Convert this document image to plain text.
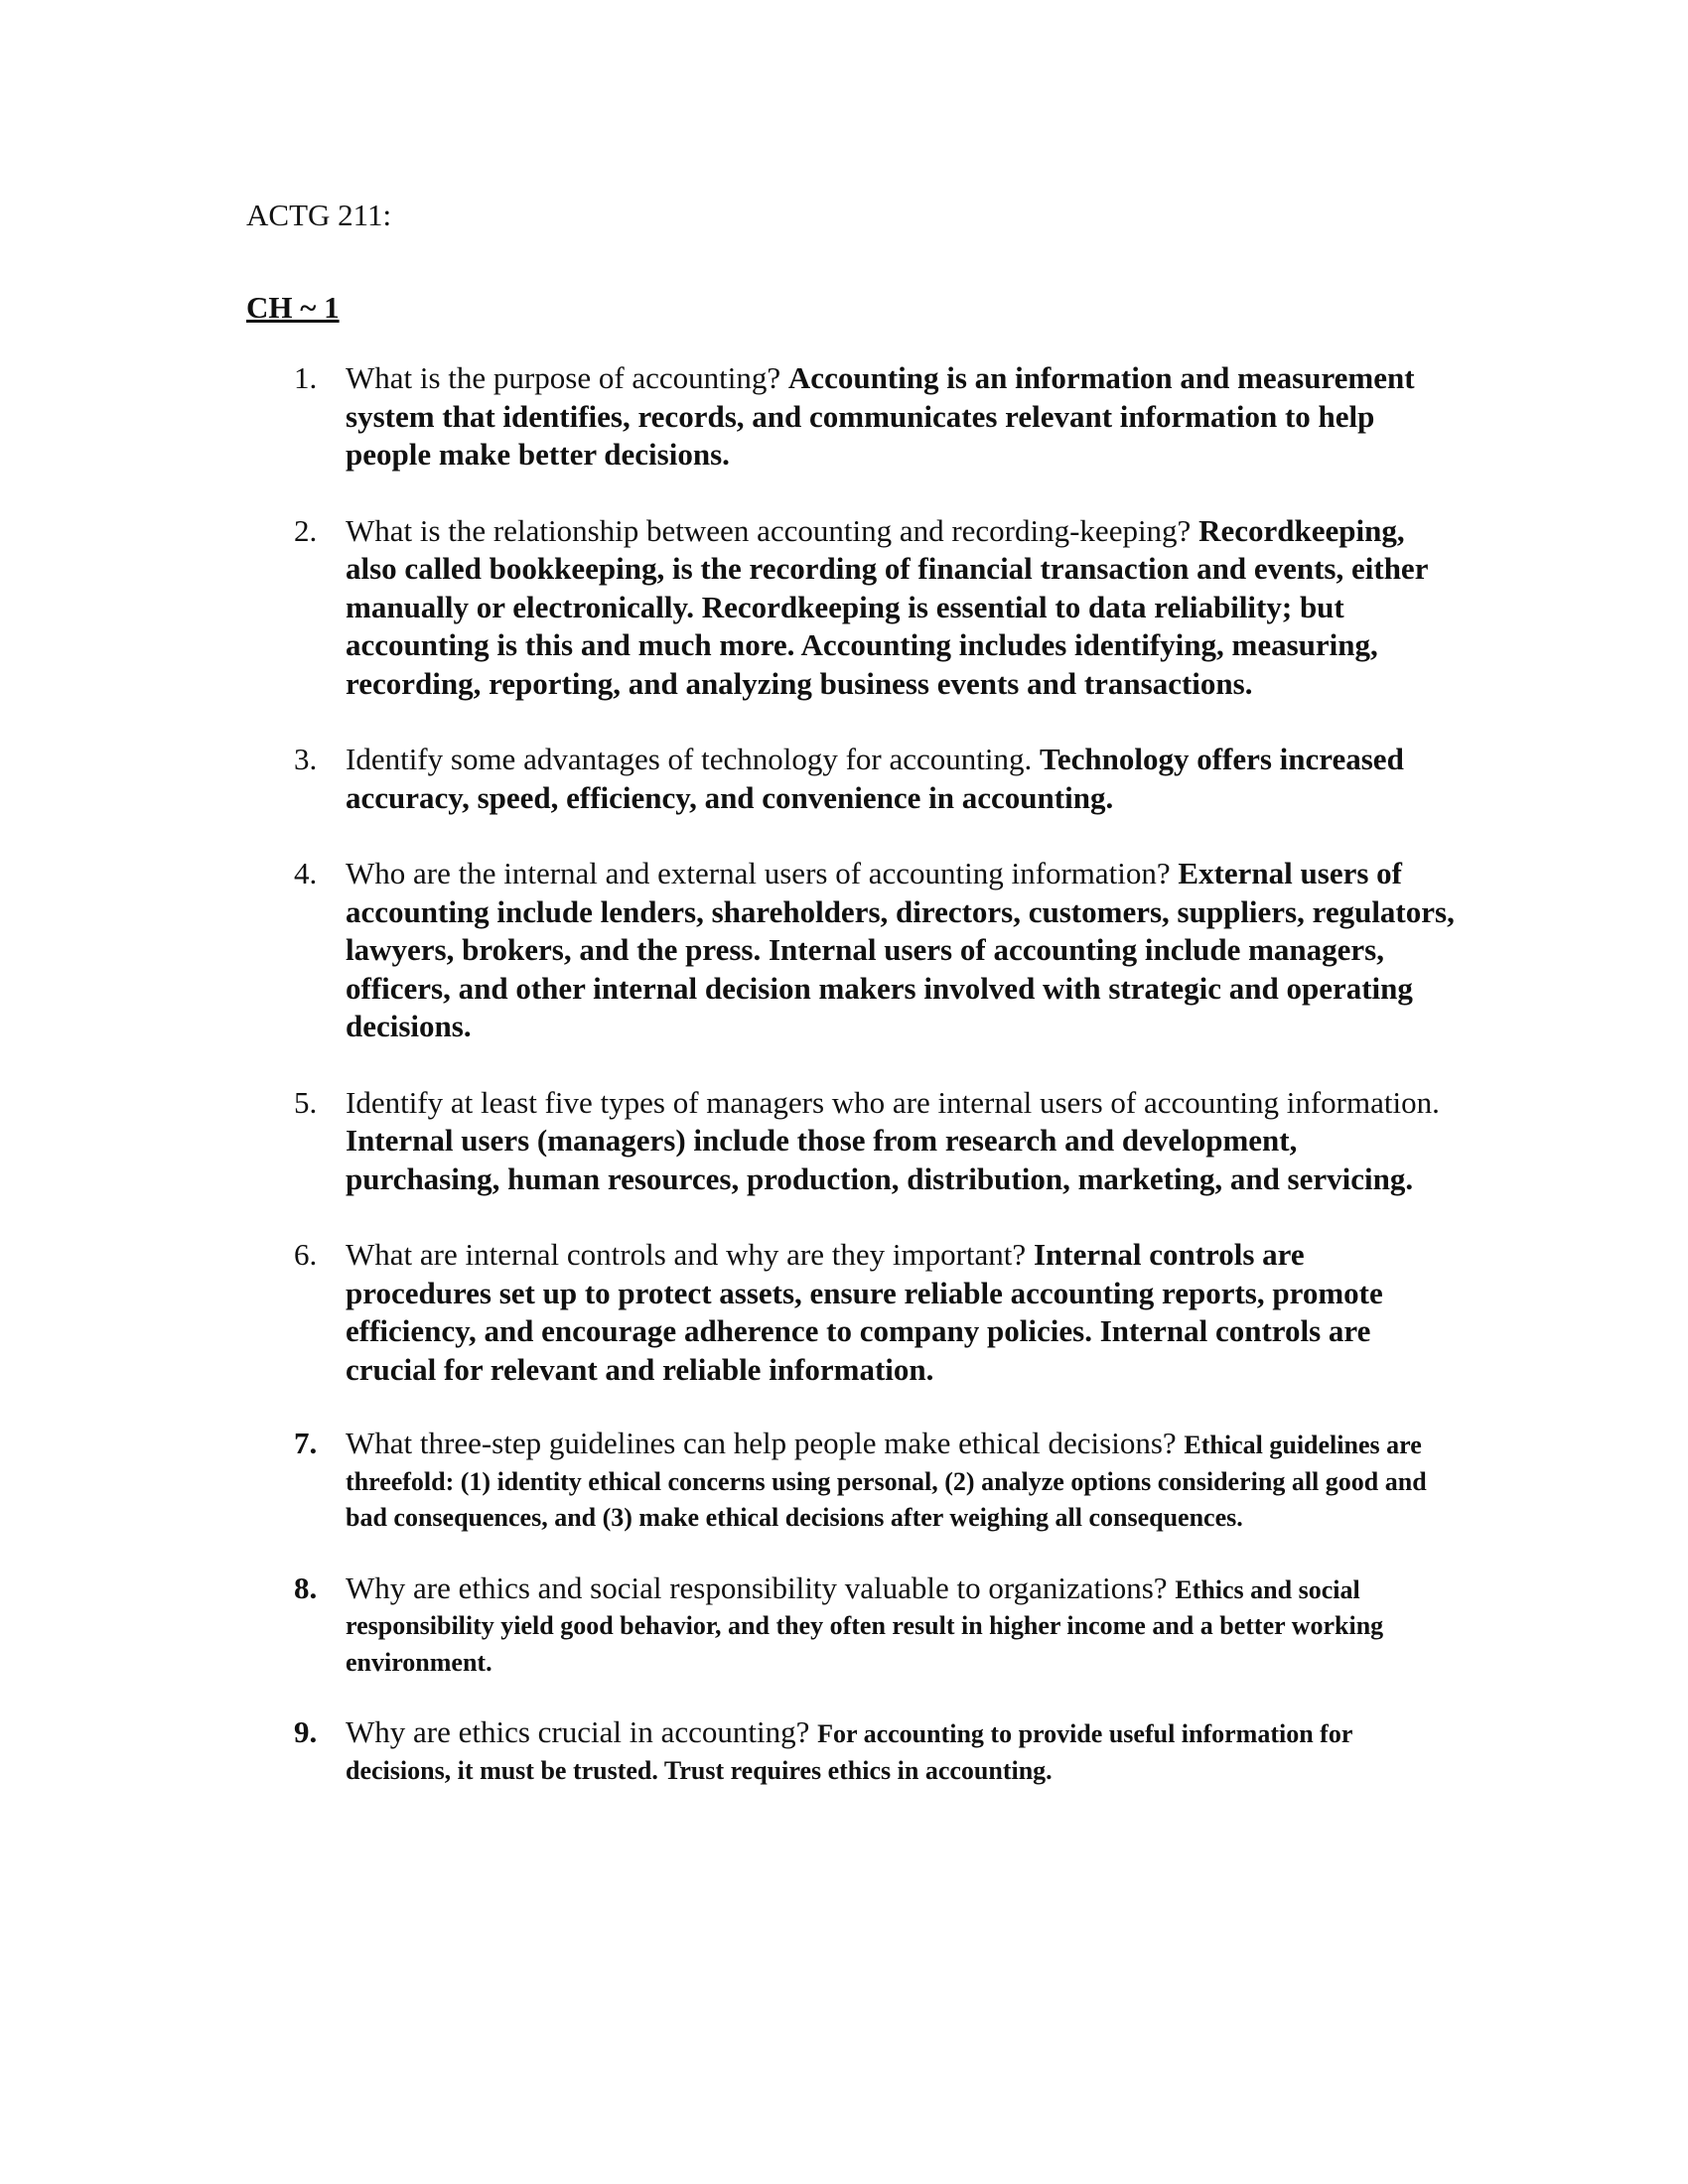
ACTG 211:

CH ~ 1

1. What is the purpose of accounting? Accounting is an information and measurement system that identifies, records, and communicates relevant information to help people make better decisions.
2. What is the relationship between accounting and recording-keeping? Recordkeeping, also called bookkeeping, is the recording of financial transaction and events, either manually or electronically. Recordkeeping is essential to data reliability; but accounting is this and much more. Accounting includes identifying, measuring, recording, reporting, and analyzing business events and transactions.
3. Identify some advantages of technology for accounting. Technology offers increased accuracy, speed, efficiency, and convenience in accounting.
4. Who are the internal and external users of accounting information? External users of accounting include lenders, shareholders, directors, customers, suppliers, regulators, lawyers, brokers, and the press. Internal users of accounting include managers, officers, and other internal decision makers involved with strategic and operating decisions.
5. Identify at least five types of managers who are internal users of accounting information. Internal users (managers) include those from research and development, purchasing, human resources, production, distribution, marketing, and servicing.
6. What are internal controls and why are they important? Internal controls are procedures set up to protect assets, ensure reliable accounting reports, promote efficiency, and encourage adherence to company policies. Internal controls are crucial for relevant and reliable information.
7. What three-step guidelines can help people make ethical decisions? Ethical guidelines are threefold: (1) identity ethical concerns using personal, (2) analyze options considering all good and bad consequences, and (3) make ethical decisions after weighing all consequences.
8. Why are ethics and social responsibility valuable to organizations? Ethics and social responsibility yield good behavior, and they often result in higher income and a better working environment.
9. Why are ethics crucial in accounting? For accounting to provide useful information for decisions, it must be trusted. Trust requires ethics in accounting.
